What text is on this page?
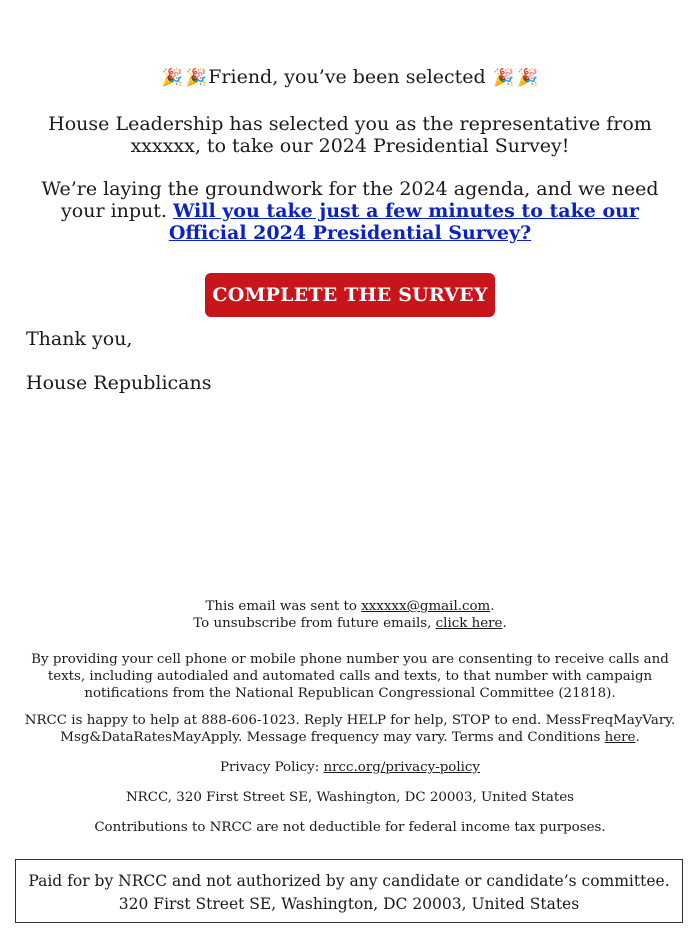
🎉 🎉Friend, you’ve been selected 🎉 🎉
House Leadership has selected you as the representative from xxxxxx, to take our 2024 Presidential Survey!
We’re laying the groundwork for the 2024 agenda, and we need your input. Will you take just a few minutes to take our Official 2024 Presidential Survey?
COMPLETE THE SURVEY
Thank you,
House Republicans
This email was sent to xxxxxx@gmail.com.
To unsubscribe from future emails, click here.
By providing your cell phone or mobile phone number you are consenting to receive calls and texts, including autodialed and automated calls and texts, to that number with campaign notifications from the National Republican Congressional Committee (21818).
NRCC is happy to help at 888-606-1023. Reply HELP for help, STOP to end. MessFreqMayVary. Msg&DataRatesMayApply. Message frequency may vary. Terms and Conditions here.
Privacy Policy: nrcc.org/privacy-policy
NRCC, 320 First Street SE, Washington, DC 20003, United States
Contributions to NRCC are not deductible for federal income tax purposes.
Paid for by NRCC and not authorized by any candidate or candidate’s committee. 320 First Street SE, Washington, DC 20003, United States
